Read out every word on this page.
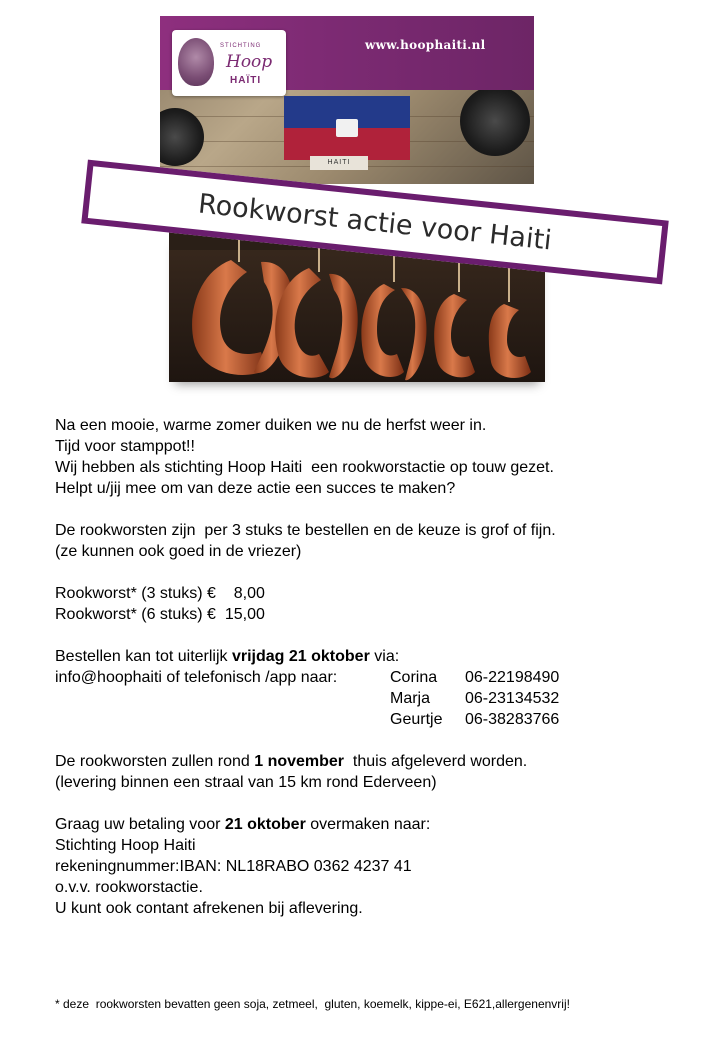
STICHTING
Hoop
HAÏTI
www.hoophaiti.nl
HAITI
Rookworst actie voor Haiti

Na een mooie, warme zomer duiken we nu de herfst weer in.

Tijd voor stamppot!!

Wij hebben als stichting Hoop Haiti  een rookworstactie op touw gezet.

Helpt u/jij mee om van deze actie een succes te maken?

De rookworsten zijn  per 3 stuks te bestellen en de keuze is grof of fijn.

(ze kunnen ook goed in de vriezer)

Rookworst* (3 stuks) €    8,00

Rookworst* (6 stuks) €  15,00

Bestellen kan tot uiterlijk vrijdag 21 oktober via:

info@hoophaiti of telefonisch /app naar:	Corina	06-22198490
Marja	06-23134532
Geurtje	06-38283766

De rookworsten zullen rond 1 november  thuis afgeleverd worden.

(levering binnen een straal van 15 km rond Ederveen)

Graag uw betaling voor 21 oktober overmaken naar:

Stichting Hoop Haiti

rekeningnummer:IBAN: NL18RABO 0362 4237 41

o.v.v. rookworstactie.

U kunt ook contant afrekenen bij aflevering.

* deze  rookworsten bevatten geen soja, zetmeel,  gluten, koemelk, kippe-ei, E621,allergenenvrij!
